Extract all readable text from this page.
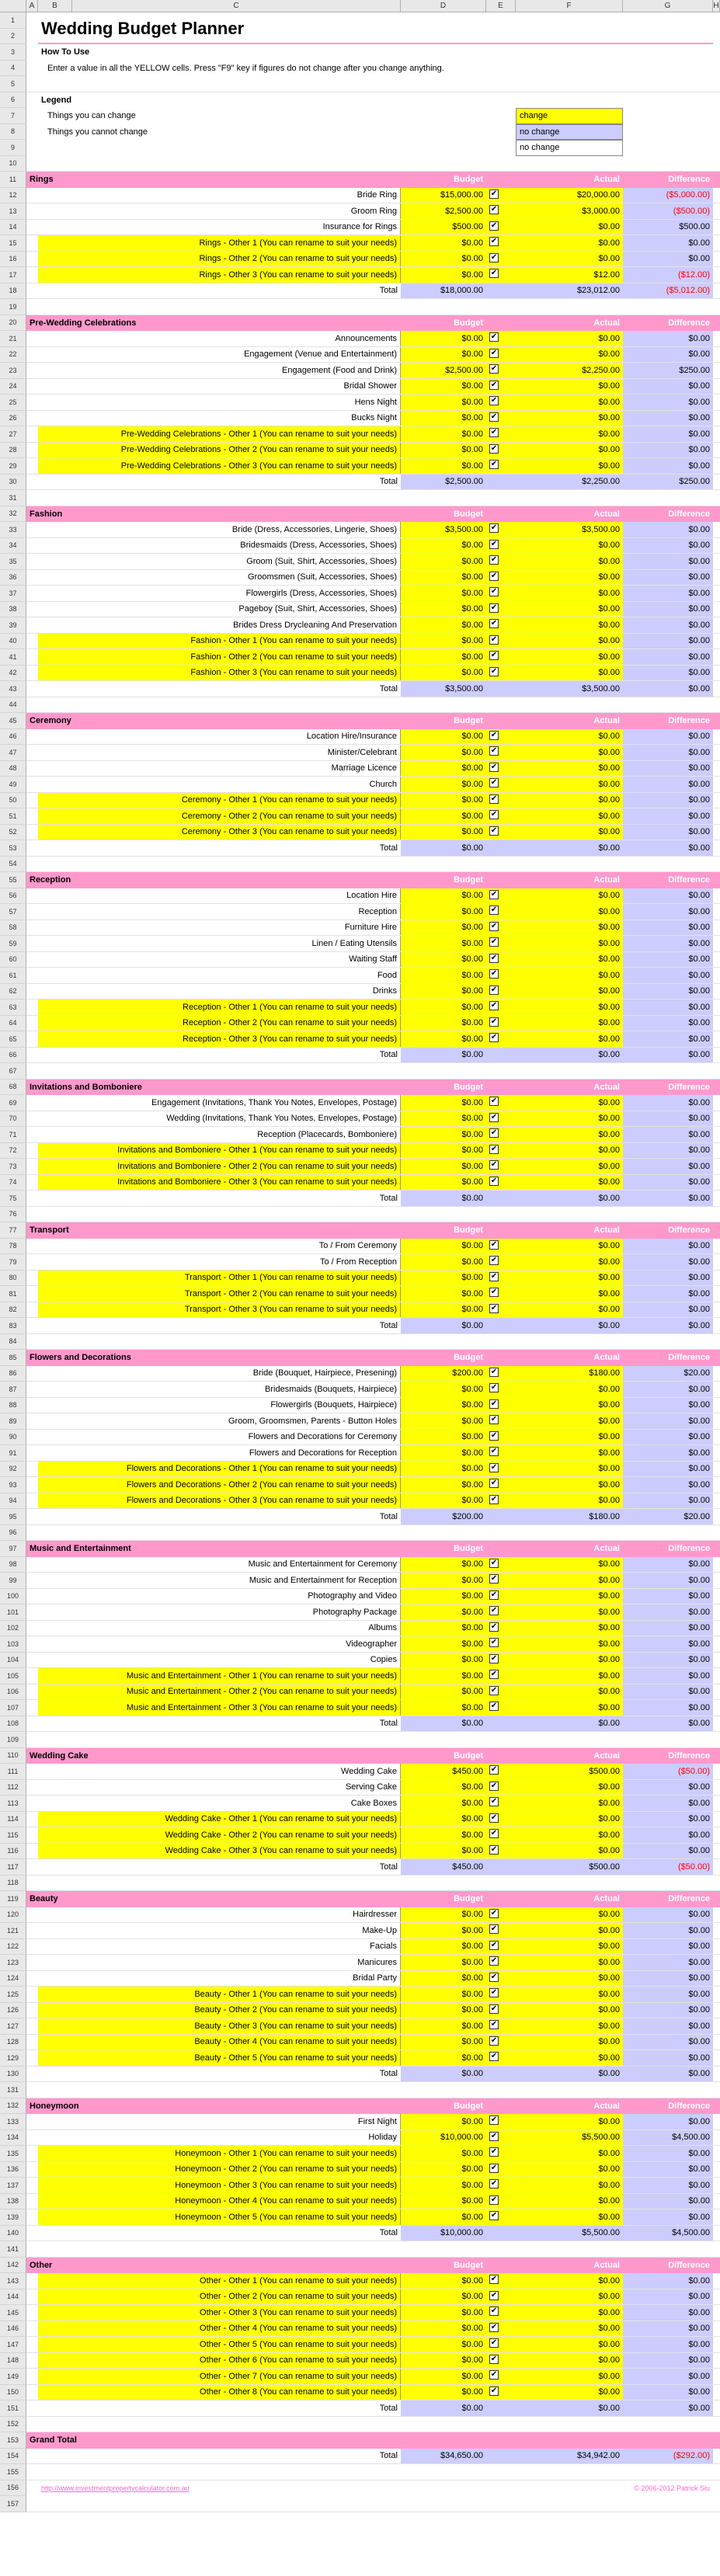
A	B	C	D	E	F	G	H
1	Wedding Budget Planner
2
3	How To Use
4	Enter a value in all the YELLOW cells. Press "F9" key if figures do not change after you change anything.
5
6	Legend
7	Things you can change	change
8	Things you cannot change	no change
9	no change
10
11	Rings	Budget	Actual	Difference
12	Bride Ring	$15,000.00 ✔	$20,000.00	($5,000.00)
13	Groom Ring	$2,500.00 ✔	$3,000.00	($500.00)
14	Insurance for Rings	$500.00 ✔	$0.00	$500.00
15	Rings - Other 1 (You can rename to suit your needs)	$0.00 ✔	$0.00	$0.00
16	Rings - Other 2 (You can rename to suit your needs)	$0.00 ✔	$0.00	$0.00
17	Rings - Other 3 (You can rename to suit your needs)	$0.00 ✔	$12.00	($12.00)
18	Total	$18,000.00	$23,012.00	($5,012.00)
19
20	Pre-Wedding Celebrations	Budget	Actual	Difference
21	Announcements	$0.00 ✔	$0.00	$0.00
22	Engagement (Venue and Entertainment)	$0.00 ✔	$0.00	$0.00
23	Engagement (Food and Drink)	$2,500.00 ✔	$2,250.00	$250.00
24	Bridal Shower	$0.00 ✔	$0.00	$0.00
25	Hens Night	$0.00 ✔	$0.00	$0.00
26	Bucks Night	$0.00 ✔	$0.00	$0.00
27	Pre-Wedding Celebrations - Other 1 (You can rename to suit your needs)	$0.00 ✔	$0.00	$0.00
28	Pre-Wedding Celebrations - Other 2 (You can rename to suit your needs)	$0.00 ✔	$0.00	$0.00
29	Pre-Wedding Celebrations - Other 3 (You can rename to suit your needs)	$0.00 ✔	$0.00	$0.00
30	Total	$2,500.00	$2,250.00	$250.00
31
32	Fashion	Budget	Actual	Difference
33	Bride (Dress, Accessories, Lingerie, Shoes)	$3,500.00 ✔	$3,500.00	$0.00
34	Bridesmaids (Dress, Accessories, Shoes)	$0.00 ✔	$0.00	$0.00
35	Groom (Suit, Shirt, Accessories, Shoes)	$0.00 ✔	$0.00	$0.00
36	Groomsmen (Suit, Accessories, Shoes)	$0.00 ✔	$0.00	$0.00
37	Flowergirls (Dress, Accessories, Shoes)	$0.00 ✔	$0.00	$0.00
38	Pageboy (Suit, Shirt, Accessories, Shoes)	$0.00 ✔	$0.00	$0.00
39	Brides Dress Drycleaning And Preservation	$0.00 ✔	$0.00	$0.00
40	Fashion - Other 1 (You can rename to suit your needs)	$0.00 ✔	$0.00	$0.00
41	Fashion - Other 2 (You can rename to suit your needs)	$0.00 ✔	$0.00	$0.00
42	Fashion - Other 3 (You can rename to suit your needs)	$0.00 ✔	$0.00	$0.00
43	Total	$3,500.00	$3,500.00	$0.00
44
45	Ceremony	Budget	Actual	Difference
46	Location Hire/Insurance	$0.00 ✔	$0.00	$0.00
47	Minister/Celebrant	$0.00 ✔	$0.00	$0.00
48	Marriage Licence	$0.00 ✔	$0.00	$0.00
49	Church	$0.00 ✔	$0.00	$0.00
50	Ceremony - Other 1 (You can rename to suit your needs)	$0.00 ✔	$0.00	$0.00
51	Ceremony - Other 2 (You can rename to suit your needs)	$0.00 ✔	$0.00	$0.00
52	Ceremony - Other 3 (You can rename to suit your needs)	$0.00 ✔	$0.00	$0.00
53	Total	$0.00	$0.00	$0.00
54
55	Reception	Budget	Actual	Difference
56	Location Hire	$0.00 ✔	$0.00	$0.00
57	Reception	$0.00 ✔	$0.00	$0.00
58	Furniture Hire	$0.00 ✔	$0.00	$0.00
59	Linen / Eating Utensils	$0.00 ✔	$0.00	$0.00
60	Waiting Staff	$0.00 ✔	$0.00	$0.00
61	Food	$0.00 ✔	$0.00	$0.00
62	Drinks	$0.00 ✔	$0.00	$0.00
63	Reception - Other 1 (You can rename to suit your needs)	$0.00 ✔	$0.00	$0.00
64	Reception - Other 2 (You can rename to suit your needs)	$0.00 ✔	$0.00	$0.00
65	Reception - Other 3 (You can rename to suit your needs)	$0.00 ✔	$0.00	$0.00
66	Total	$0.00	$0.00	$0.00
67
68	Invitations and Bomboniere	Budget	Actual	Difference
69	Engagement (Invitations, Thank You Notes, Envelopes, Postage)	$0.00 ✔	$0.00	$0.00
70	Wedding (Invitations, Thank You Notes, Envelopes, Postage)	$0.00 ✔	$0.00	$0.00
71	Reception (Placecards, Bomboniere)	$0.00 ✔	$0.00	$0.00
72	Invitations and Bomboniere - Other 1 (You can rename to suit your needs)	$0.00 ✔	$0.00	$0.00
73	Invitations and Bomboniere - Other 2 (You can rename to suit your needs)	$0.00 ✔	$0.00	$0.00
74	Invitations and Bomboniere - Other 3 (You can rename to suit your needs)	$0.00 ✔	$0.00	$0.00
75	Total	$0.00	$0.00	$0.00
76
77	Transport	Budget	Actual	Difference
78	To / From Ceremony	$0.00 ✔	$0.00	$0.00
79	To / From Reception	$0.00 ✔	$0.00	$0.00
80	Transport - Other 1 (You can rename to suit your needs)	$0.00 ✔	$0.00	$0.00
81	Transport - Other 2 (You can rename to suit your needs)	$0.00 ✔	$0.00	$0.00
82	Transport - Other 3 (You can rename to suit your needs)	$0.00 ✔	$0.00	$0.00
83	Total	$0.00	$0.00	$0.00
84
85	Flowers and Decorations	Budget	Actual	Difference
86	Bride (Bouquet, Hairpiece, Presening)	$200.00 ✔	$180.00	$20.00
87	Bridesmaids (Bouquets, Hairpiece)	$0.00 ✔	$0.00	$0.00
88	Flowergirls (Bouquets, Hairpiece)	$0.00 ✔	$0.00	$0.00
89	Groom, Groomsmen, Parents - Button Holes	$0.00 ✔	$0.00	$0.00
90	Flowers and Decorations for Ceremony	$0.00 ✔	$0.00	$0.00
91	Flowers and Decorations for Reception	$0.00 ✔	$0.00	$0.00
92	Flowers and Decorations - Other 1 (You can rename to suit your needs)	$0.00 ✔	$0.00	$0.00
93	Flowers and Decorations - Other 2 (You can rename to suit your needs)	$0.00 ✔	$0.00	$0.00
94	Flowers and Decorations - Other 3 (You can rename to suit your needs)	$0.00 ✔	$0.00	$0.00
95	Total	$200.00	$180.00	$20.00
96
97	Music and Entertainment	Budget	Actual	Difference
98	Music and Entertainment for Ceremony	$0.00 ✔	$0.00	$0.00
99	Music and Entertainment for Reception	$0.00 ✔	$0.00	$0.00
100	Photography and Video	$0.00 ✔	$0.00	$0.00
101	Photography Package	$0.00 ✔	$0.00	$0.00
102	Albums	$0.00 ✔	$0.00	$0.00
103	Videographer	$0.00 ✔	$0.00	$0.00
104	Copies	$0.00 ✔	$0.00	$0.00
105	Music and Entertainment - Other 1 (You can rename to suit your needs)	$0.00 ✔	$0.00	$0.00
106	Music and Entertainment - Other 2 (You can rename to suit your needs)	$0.00 ✔	$0.00	$0.00
107	Music and Entertainment - Other 3 (You can rename to suit your needs)	$0.00 ✔	$0.00	$0.00
108	Total	$0.00	$0.00	$0.00
109
110	Wedding Cake	Budget	Actual	Difference
111	Wedding Cake	$450.00 ✔	$500.00	($50.00)
112	Serving Cake	$0.00 ✔	$0.00	$0.00
113	Cake Boxes	$0.00 ✔	$0.00	$0.00
114	Wedding Cake - Other 1 (You can rename to suit your needs)	$0.00 ✔	$0.00	$0.00
115	Wedding Cake - Other 2 (You can rename to suit your needs)	$0.00 ✔	$0.00	$0.00
116	Wedding Cake - Other 3 (You can rename to suit your needs)	$0.00 ✔	$0.00	$0.00
117	Total	$450.00	$500.00	($50.00)
118
119	Beauty	Budget	Actual	Difference
120	Hairdresser	$0.00 ✔	$0.00	$0.00
121	Make-Up	$0.00 ✔	$0.00	$0.00
122	Facials	$0.00 ✔	$0.00	$0.00
123	Manicures	$0.00 ✔	$0.00	$0.00
124	Bridal Party	$0.00 ✔	$0.00	$0.00
125	Beauty - Other 1 (You can rename to suit your needs)	$0.00 ✔	$0.00	$0.00
126	Beauty - Other 2 (You can rename to suit your needs)	$0.00 ✔	$0.00	$0.00
127	Beauty - Other 3 (You can rename to suit your needs)	$0.00 ✔	$0.00	$0.00
128	Beauty - Other 4 (You can rename to suit your needs)	$0.00 ✔	$0.00	$0.00
129	Beauty - Other 5 (You can rename to suit your needs)	$0.00 ✔	$0.00	$0.00
130	Total	$0.00	$0.00	$0.00
131
132	Honeymoon	Budget	Actual	Difference
133	First Night	$0.00 ✔	$0.00	$0.00
134	Holiday	$10,000.00 ✔	$5,500.00	$4,500.00
135	Honeymoon - Other 1 (You can rename to suit your needs)	$0.00 ✔	$0.00	$0.00
136	Honeymoon - Other 2 (You can rename to suit your needs)	$0.00 ✔	$0.00	$0.00
137	Honeymoon - Other 3 (You can rename to suit your needs)	$0.00 ✔	$0.00	$0.00
138	Honeymoon - Other 4 (You can rename to suit your needs)	$0.00 ✔	$0.00	$0.00
139	Honeymoon - Other 5 (You can rename to suit your needs)	$0.00 ✔	$0.00	$0.00
140	Total	$10,000.00	$5,500.00	$4,500.00
141
142	Other	Budget	Actual	Difference
143	Other - Other 1 (You can rename to suit your needs)	$0.00 ✔	$0.00	$0.00
144	Other - Other 2 (You can rename to suit your needs)	$0.00 ✔	$0.00	$0.00
145	Other - Other 3 (You can rename to suit your needs)	$0.00 ✔	$0.00	$0.00
146	Other - Other 4 (You can rename to suit your needs)	$0.00 ✔	$0.00	$0.00
147	Other - Other 5 (You can rename to suit your needs)	$0.00 ✔	$0.00	$0.00
148	Other - Other 6 (You can rename to suit your needs)	$0.00 ✔	$0.00	$0.00
149	Other - Other 7 (You can rename to suit your needs)	$0.00 ✔	$0.00	$0.00
150	Other - Other 8 (You can rename to suit your needs)	$0.00 ✔	$0.00	$0.00
151	Total	$0.00	$0.00	$0.00
152
153	Grand Total
154	Total	$34,650.00	$34,942.00	($292.00)
155
156	http://www.investmentpropertycalculator.com.au	© 2006-2012 Patrick Siu
157
